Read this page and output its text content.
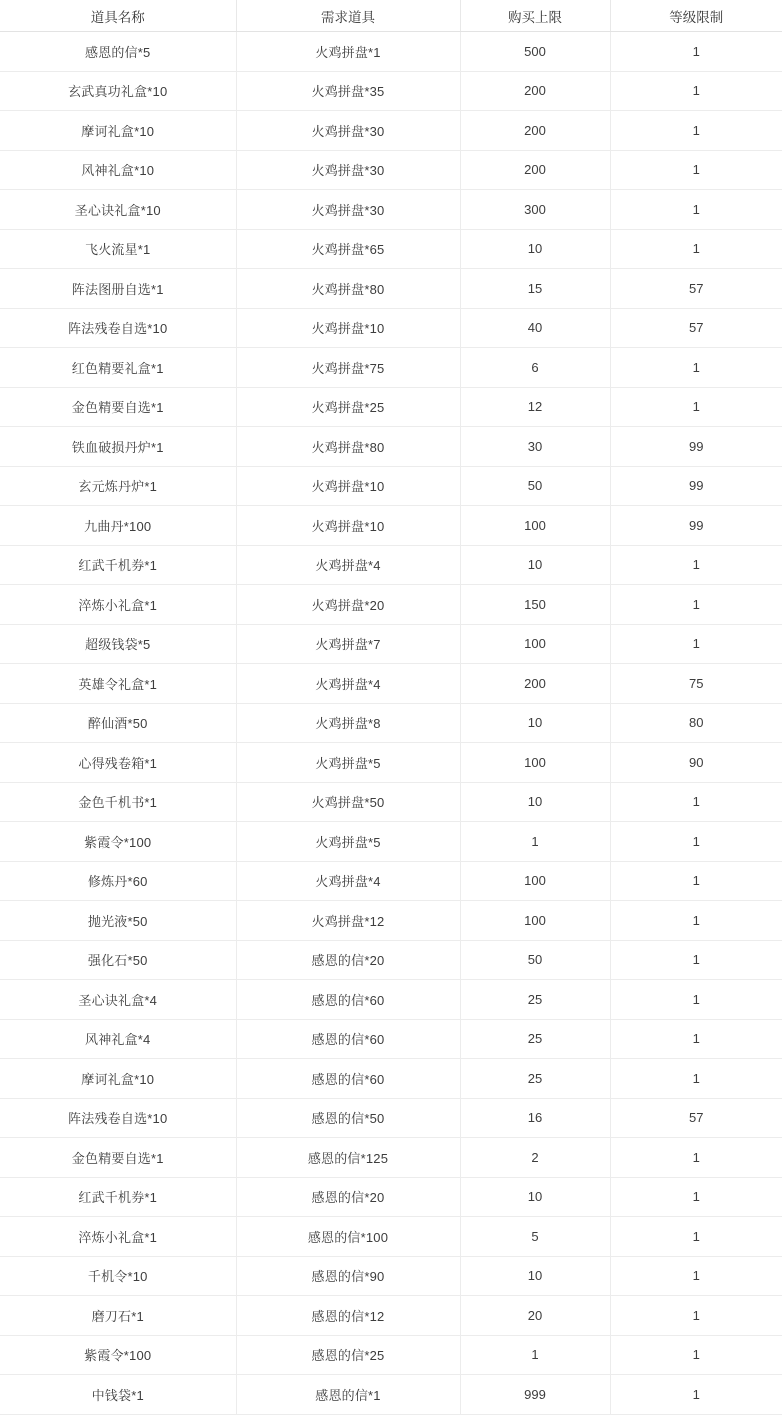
道具名称	需求道具	购买上限	等级限制
感恩的信*5	火鸡拼盘*1	500	1
玄武真功礼盒*10	火鸡拼盘*35	200	1
摩诃礼盒*10	火鸡拼盘*30	200	1
风神礼盒*10	火鸡拼盘*30	200	1
圣心诀礼盒*10	火鸡拼盘*30	300	1
飞火流星*1	火鸡拼盘*65	10	1
阵法图册自选*1	火鸡拼盘*80	15	57
阵法残卷自选*10	火鸡拼盘*10	40	57
红色精要礼盒*1	火鸡拼盘*75	6	1
金色精要自选*1	火鸡拼盘*25	12	1
铁血破损丹炉*1	火鸡拼盘*80	30	99
玄元炼丹炉*1	火鸡拼盘*10	50	99
九曲丹*100	火鸡拼盘*10	100	99
红武千机券*1	火鸡拼盘*4	10	1
淬炼小礼盒*1	火鸡拼盘*20	150	1
超级钱袋*5	火鸡拼盘*7	100	1
英雄令礼盒*1	火鸡拼盘*4	200	75
醉仙酒*50	火鸡拼盘*8	10	80
心得残卷箱*1	火鸡拼盘*5	100	90
金色千机书*1	火鸡拼盘*50	10	1
紫霞令*100	火鸡拼盘*5	1	1
修炼丹*60	火鸡拼盘*4	100	1
抛光液*50	火鸡拼盘*12	100	1
强化石*50	感恩的信*20	50	1
圣心诀礼盒*4	感恩的信*60	25	1
风神礼盒*4	感恩的信*60	25	1
摩诃礼盒*10	感恩的信*60	25	1
阵法残卷自选*10	感恩的信*50	16	57
金色精要自选*1	感恩的信*125	2	1
红武千机券*1	感恩的信*20	10	1
淬炼小礼盒*1	感恩的信*100	5	1
千机令*10	感恩的信*90	10	1
磨刀石*1	感恩的信*12	20	1
紫霞令*100	感恩的信*25	1	1
中钱袋*1	感恩的信*1	999	1
